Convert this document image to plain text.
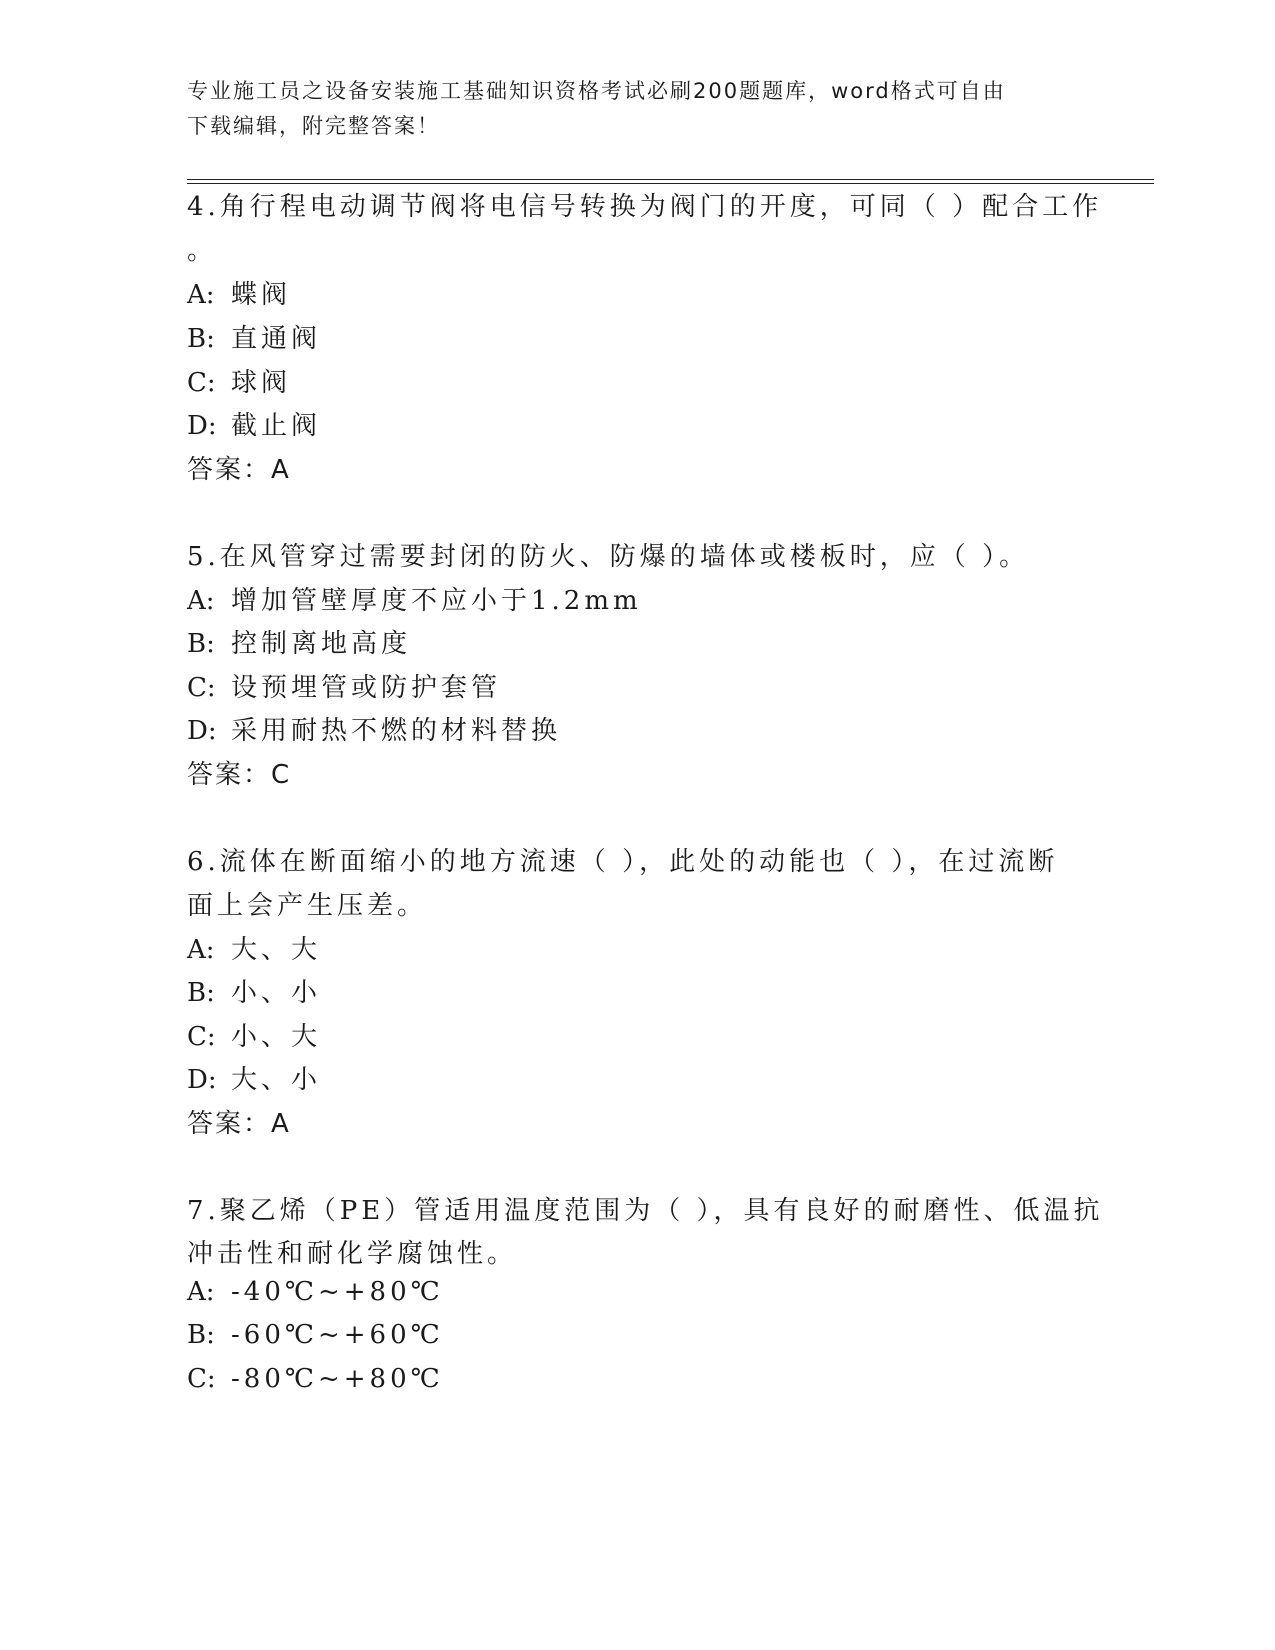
专业施工员之设备安装施工基础知识资格考试必刷200题题库，word格式可自由
下载编辑，附完整答案！
4.角行程电动调节阀将电信号转换为阀门的开度，可同（ ）配合工作
。
A: 蝶阀
B: 直通阀
C: 球阀
D: 截止阀
答案：A
5.在风管穿过需要封闭的防火、防爆的墙体或楼板时，应（ ）。
A: 增加管壁厚度不应小于1.2mm
B: 控制离地高度
C: 设预埋管或防护套管
D: 采用耐热不燃的材料替换
答案：C
6.流体在断面缩小的地方流速（ ），此处的动能也（ ），在过流断
面上会产生压差。
A: 大、大
B: 小、小
C: 小、大
D: 大、小
答案：A
7.聚乙烯（PE）管适用温度范围为（ ），具有良好的耐磨性、低温抗
冲击性和耐化学腐蚀性。
A: -40℃~+80℃
B: -60℃~+60℃
C: -80℃~+80℃
